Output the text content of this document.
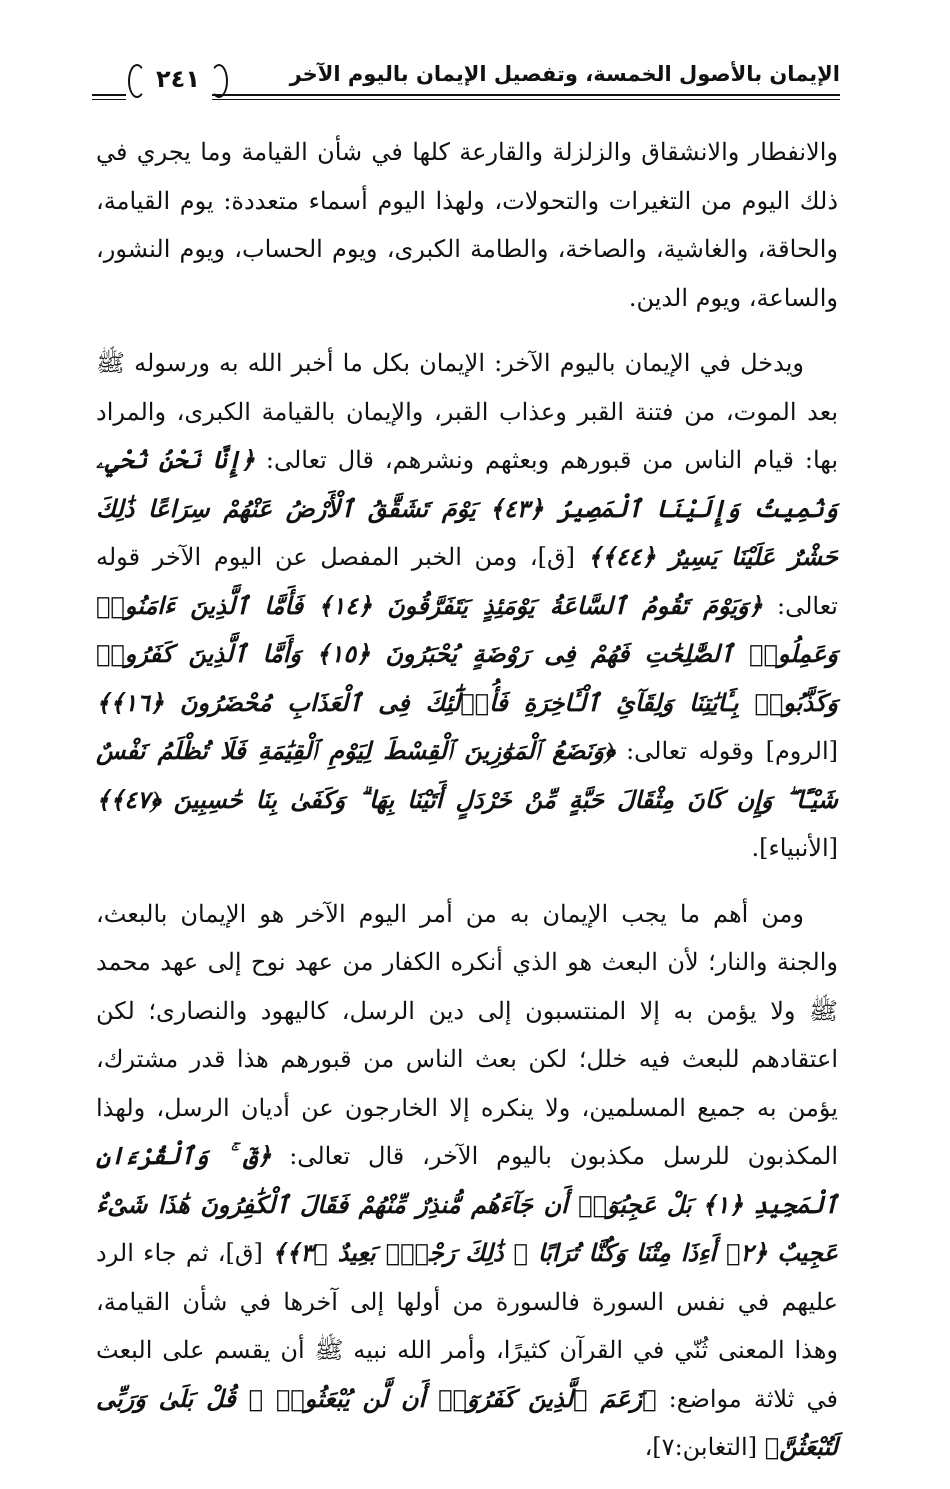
الإيمان بالأصول الخمسة، وتفصيل الإيمان باليوم الآخر
٢٤١

والانفطار والانشقاق والزلزلة والقارعة كلها في شأن القيامة وما يجري في ذلك اليوم من التغيرات والتحولات، ولهذا اليوم أسماء متعددة: يوم القيامة، والحاقة، والغاشية، والصاخة، والطامة الكبرى، ويوم الحساب، ويوم النشور، والساعة، ويوم الدين.

ويدخل في الإيمان باليوم الآخر: الإيمان بكل ما أخبر الله به ورسوله ﷺ بعد الموت، من فتنة القبر وعذاب القبر، والإيمان بالقيامة الكبرى، والمراد بها: قيام الناس من قبورهم وبعثهم ونشرهم، قال تعالى: ﴿إِنَّا نَحْنُ نُحْيِۦ وَنُمِيتُ وَإِلَيْنَا ٱلْمَصِيرُ ﴿٤٣﴾ يَوْمَ تَشَقَّقُ ٱلْأَرْضُ عَنْهُمْ سِرَاعًا ذَٰلِكَ حَشْرٌ عَلَيْنَا يَسِيرٌ ﴿٤٤﴾﴾ [ق]، ومن الخبر المفصل عن اليوم الآخر قوله تعالى: ﴿وَيَوْمَ تَقُومُ ٱلسَّاعَةُ يَوْمَئِذٍ يَتَفَرَّقُونَ ﴿١٤﴾ فَأَمَّا ٱلَّذِينَ ءَامَنُوا۟ وَعَمِلُوا۟ ٱلصَّٰلِحَٰتِ فَهُمْ فِى رَوْضَةٍ يُحْبَرُونَ ﴿١٥﴾ وَأَمَّا ٱلَّذِينَ كَفَرُوا۟ وَكَذَّبُوا۟ بِـَٔايَٰتِنَا وَلِقَآئِ ٱلْـَٔاخِرَةِ فَأُو۟لَٰٓئِكَ فِى ٱلْعَذَابِ مُحْضَرُونَ ﴿١٦﴾﴾ [الروم] وقوله تعالى: ﴿وَنَضَعُ ٱلْمَوَٰزِينَ ٱلْقِسْطَ لِيَوْمِ ٱلْقِيَٰمَةِ فَلَا تُظْلَمُ نَفْسٌ شَيْـًٔا ۖ وَإِن كَانَ مِثْقَالَ حَبَّةٍ مِّنْ خَرْدَلٍ أَتَيْنَا بِهَا ۗ وَكَفَىٰ بِنَا حَٰسِبِينَ ﴿٤٧﴾﴾ [الأنبياء].

ومن أهم ما يجب الإيمان به من أمر اليوم الآخر هو الإيمان بالبعث، والجنة والنار؛ لأن البعث هو الذي أنكره الكفار من عهد نوح إلى عهد محمد ﷺ ولا يؤمن به إلا المنتسبون إلى دين الرسل، كاليهود والنصارى؛ لكن اعتقادهم للبعث فيه خلل؛ لكن بعث الناس من قبورهم هذا قدر مشترك، يؤمن به جميع المسلمين، ولا ينكره إلا الخارجون عن أديان الرسل، ولهذا المكذبون للرسل مكذبون باليوم الآخر، قال تعالى: ﴿قٓ ۚ وَٱلْقُرْءَانِ ٱلْمَجِيدِ ﴿١﴾ بَلْ عَجِبُوٓا۟ أَن جَآءَهُم مُّنذِرٌ مِّنْهُمْ فَقَالَ ٱلْكَٰفِرُونَ هَٰذَا شَىْءٌ عَجِيبٌ ﴿٢﴾ أَءِذَا مِتْنَا وَكُنَّا تُرَابًا ۖ ذَٰلِكَ رَجْعٌۢ بَعِيدٌ ﴿٣﴾﴾ [ق]، ثم جاء الرد عليهم في نفس السورة فالسورة من أولها إلى آخرها في شأن القيامة، وهذا المعنى ثُنّي في القرآن كثيرًا، وأمر الله نبيه ﷺ أن يقسم على البعث في ثلاثة مواضع: ﴿زَعَمَ ٱلَّذِينَ كَفَرُوٓا۟ أَن لَّن يُبْعَثُوا۟ ۚ قُلْ بَلَىٰ وَرَبِّى لَتُبْعَثُنَّ﴾ [التغابن:٧]،
